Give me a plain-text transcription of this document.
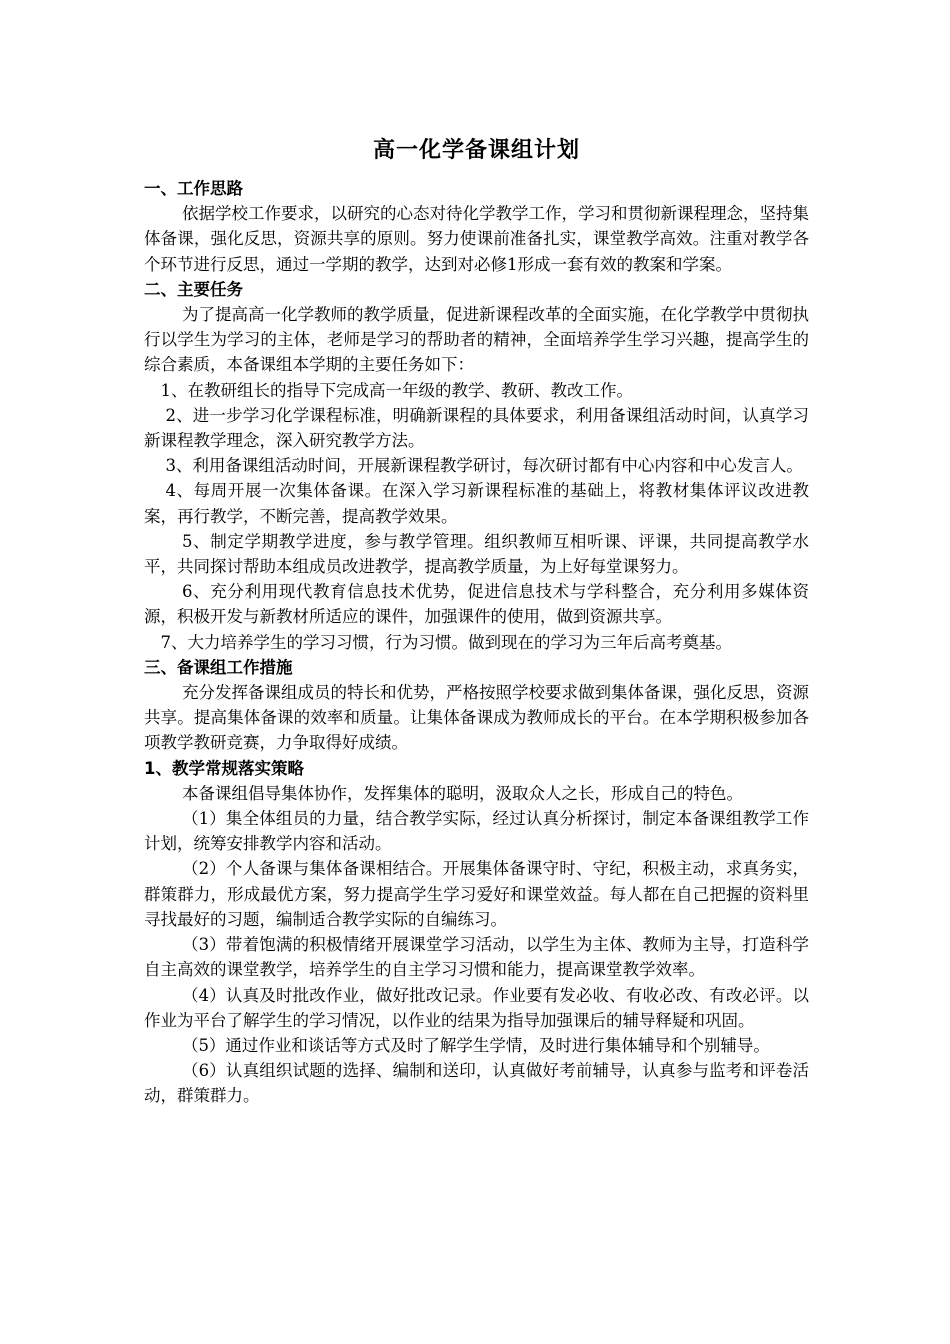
高一化学备课组计划
一、工作思路

依据学校工作要求，以研究的心态对待化学教学工作，学习和贯彻新课程理念，坚持集体备课，强化反思，资源共享的原则。努力使课前准备扎实，课堂教学高效。注重对教学各个环节进行反思，通过一学期的教学，达到对必修1形成一套有效的教案和学案。

二、主要任务

为了提高高一化学教师的教学质量，促进新课程改革的全面实施，在化学教学中贯彻执行以学生为学习的主体，老师是学习的帮助者的精神，全面培养学生学习兴趣，提高学生的综合素质，本备课组本学期的主要任务如下：

1、在教研组长的指导下完成高一年级的教学、教研、教改工作。

2、进一步学习化学课程标准，明确新课程的具体要求，利用备课组活动时间，认真学习新课程教学理念，深入研究教学方法。

3、利用备课组活动时间，开展新课程教学研讨，每次研讨都有中心内容和中心发言人。

4、每周开展一次集体备课。在深入学习新课程标准的基础上，将教材集体评议改进教案，再行教学，不断完善，提高教学效果。

5、制定学期教学进度，参与教学管理。组织教师互相听课、评课，共同提高教学水平，共同探讨帮助本组成员改进教学，提高教学质量，为上好每堂课努力。

6、充分利用现代教育信息技术优势，促进信息技术与学科整合，充分利用多媒体资源，积极开发与新教材所适应的课件，加强课件的使用，做到资源共享。

7、大力培养学生的学习习惯，行为习惯。做到现在的学习为三年后高考奠基。

三、备课组工作措施

充分发挥备课组成员的特长和优势，严格按照学校要求做到集体备课，强化反思，资源共享。提高集体备课的效率和质量。让集体备课成为教师成长的平台。在本学期积极参加各项教学教研竞赛，力争取得好成绩。

1、教学常规落实策略

本备课组倡导集体协作，发挥集体的聪明，汲取众人之长，形成自己的特色。

（1）集全体组员的力量，结合教学实际，经过认真分析探讨，制定本备课组教学工作计划，统筹安排教学内容和活动。

（2）个人备课与集体备课相结合。开展集体备课守时、守纪，积极主动，求真务实，群策群力，形成最优方案，努力提高学生学习爱好和课堂效益。每人都在自己把握的资料里寻找最好的习题，编制适合教学实际的自编练习。

（3）带着饱满的积极情绪开展课堂学习活动，以学生为主体、教师为主导，打造科学自主高效的课堂教学，培养学生的自主学习习惯和能力，提高课堂教学效率。

（4）认真及时批改作业，做好批改记录。作业要有发必收、有收必改、有改必评。以作业为平台了解学生的学习情况，以作业的结果为指导加强课后的辅导释疑和巩固。

（5）通过作业和谈话等方式及时了解学生学情，及时进行集体辅导和个别辅导。

（6）认真组织试题的选择、编制和送印，认真做好考前辅导，认真参与监考和评卷活动，群策群力。
